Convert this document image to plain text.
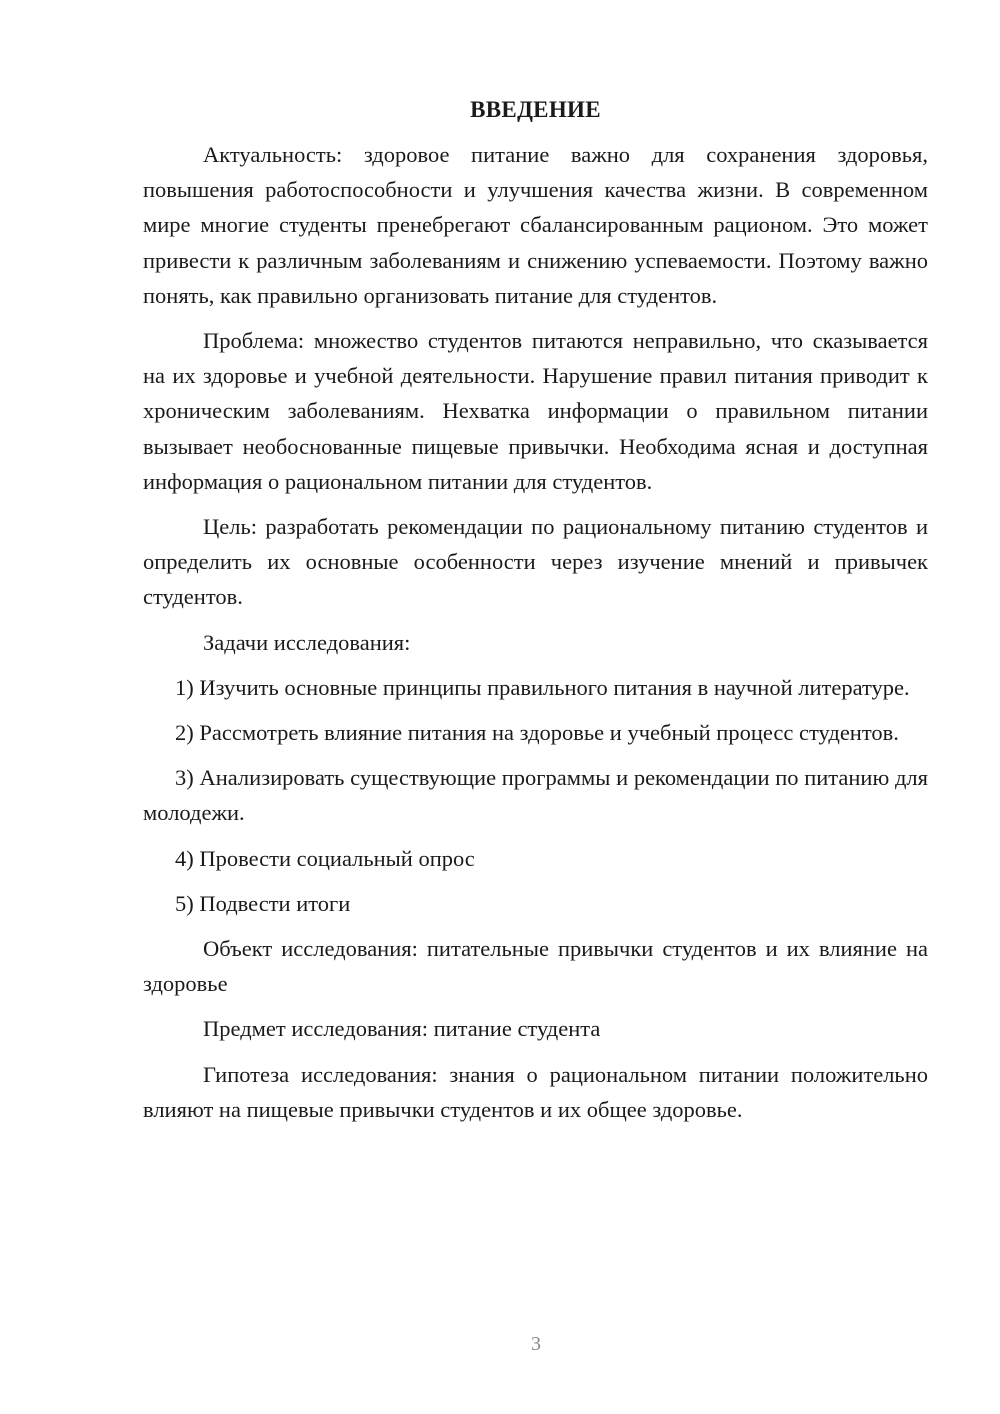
ВВЕДЕНИЕ

Актуальность: здоровое питание важно для сохранения здоровья, повышения работоспособности и улучшения качества жизни. В современном мире многие студенты пренебрегают сбалансированным рационом. Это может привести к различным заболеваниям и снижению успеваемости. Поэтому важно понять, как правильно организовать питание для студентов.

Проблема: множество студентов питаются неправильно, что сказывается на их здоровье и учебной деятельности. Нарушение правил питания приводит к хроническим заболеваниям. Нехватка информации о правильном питании вызывает необоснованные пищевые привычки. Необходима ясная и доступная информация о рациональном питании для студентов.

Цель: разработать рекомендации по рациональному питанию студентов и определить их основные особенности через изучение мнений и привычек студентов.

Задачи исследования:

1) Изучить основные принципы правильного питания в научной литературе.

2) Рассмотреть влияние питания на здоровье и учебный процесс студентов.

3) Анализировать существующие программы и рекомендации по питанию для молодежи.

4) Провести социальный опрос

5) Подвести итоги

Объект исследования: питательные привычки студентов и их влияние на здоровье

Предмет исследования: питание студента

Гипотеза исследования: знания о рациональном питании положительно влияют на пищевые привычки студентов и их общее здоровье.

3
